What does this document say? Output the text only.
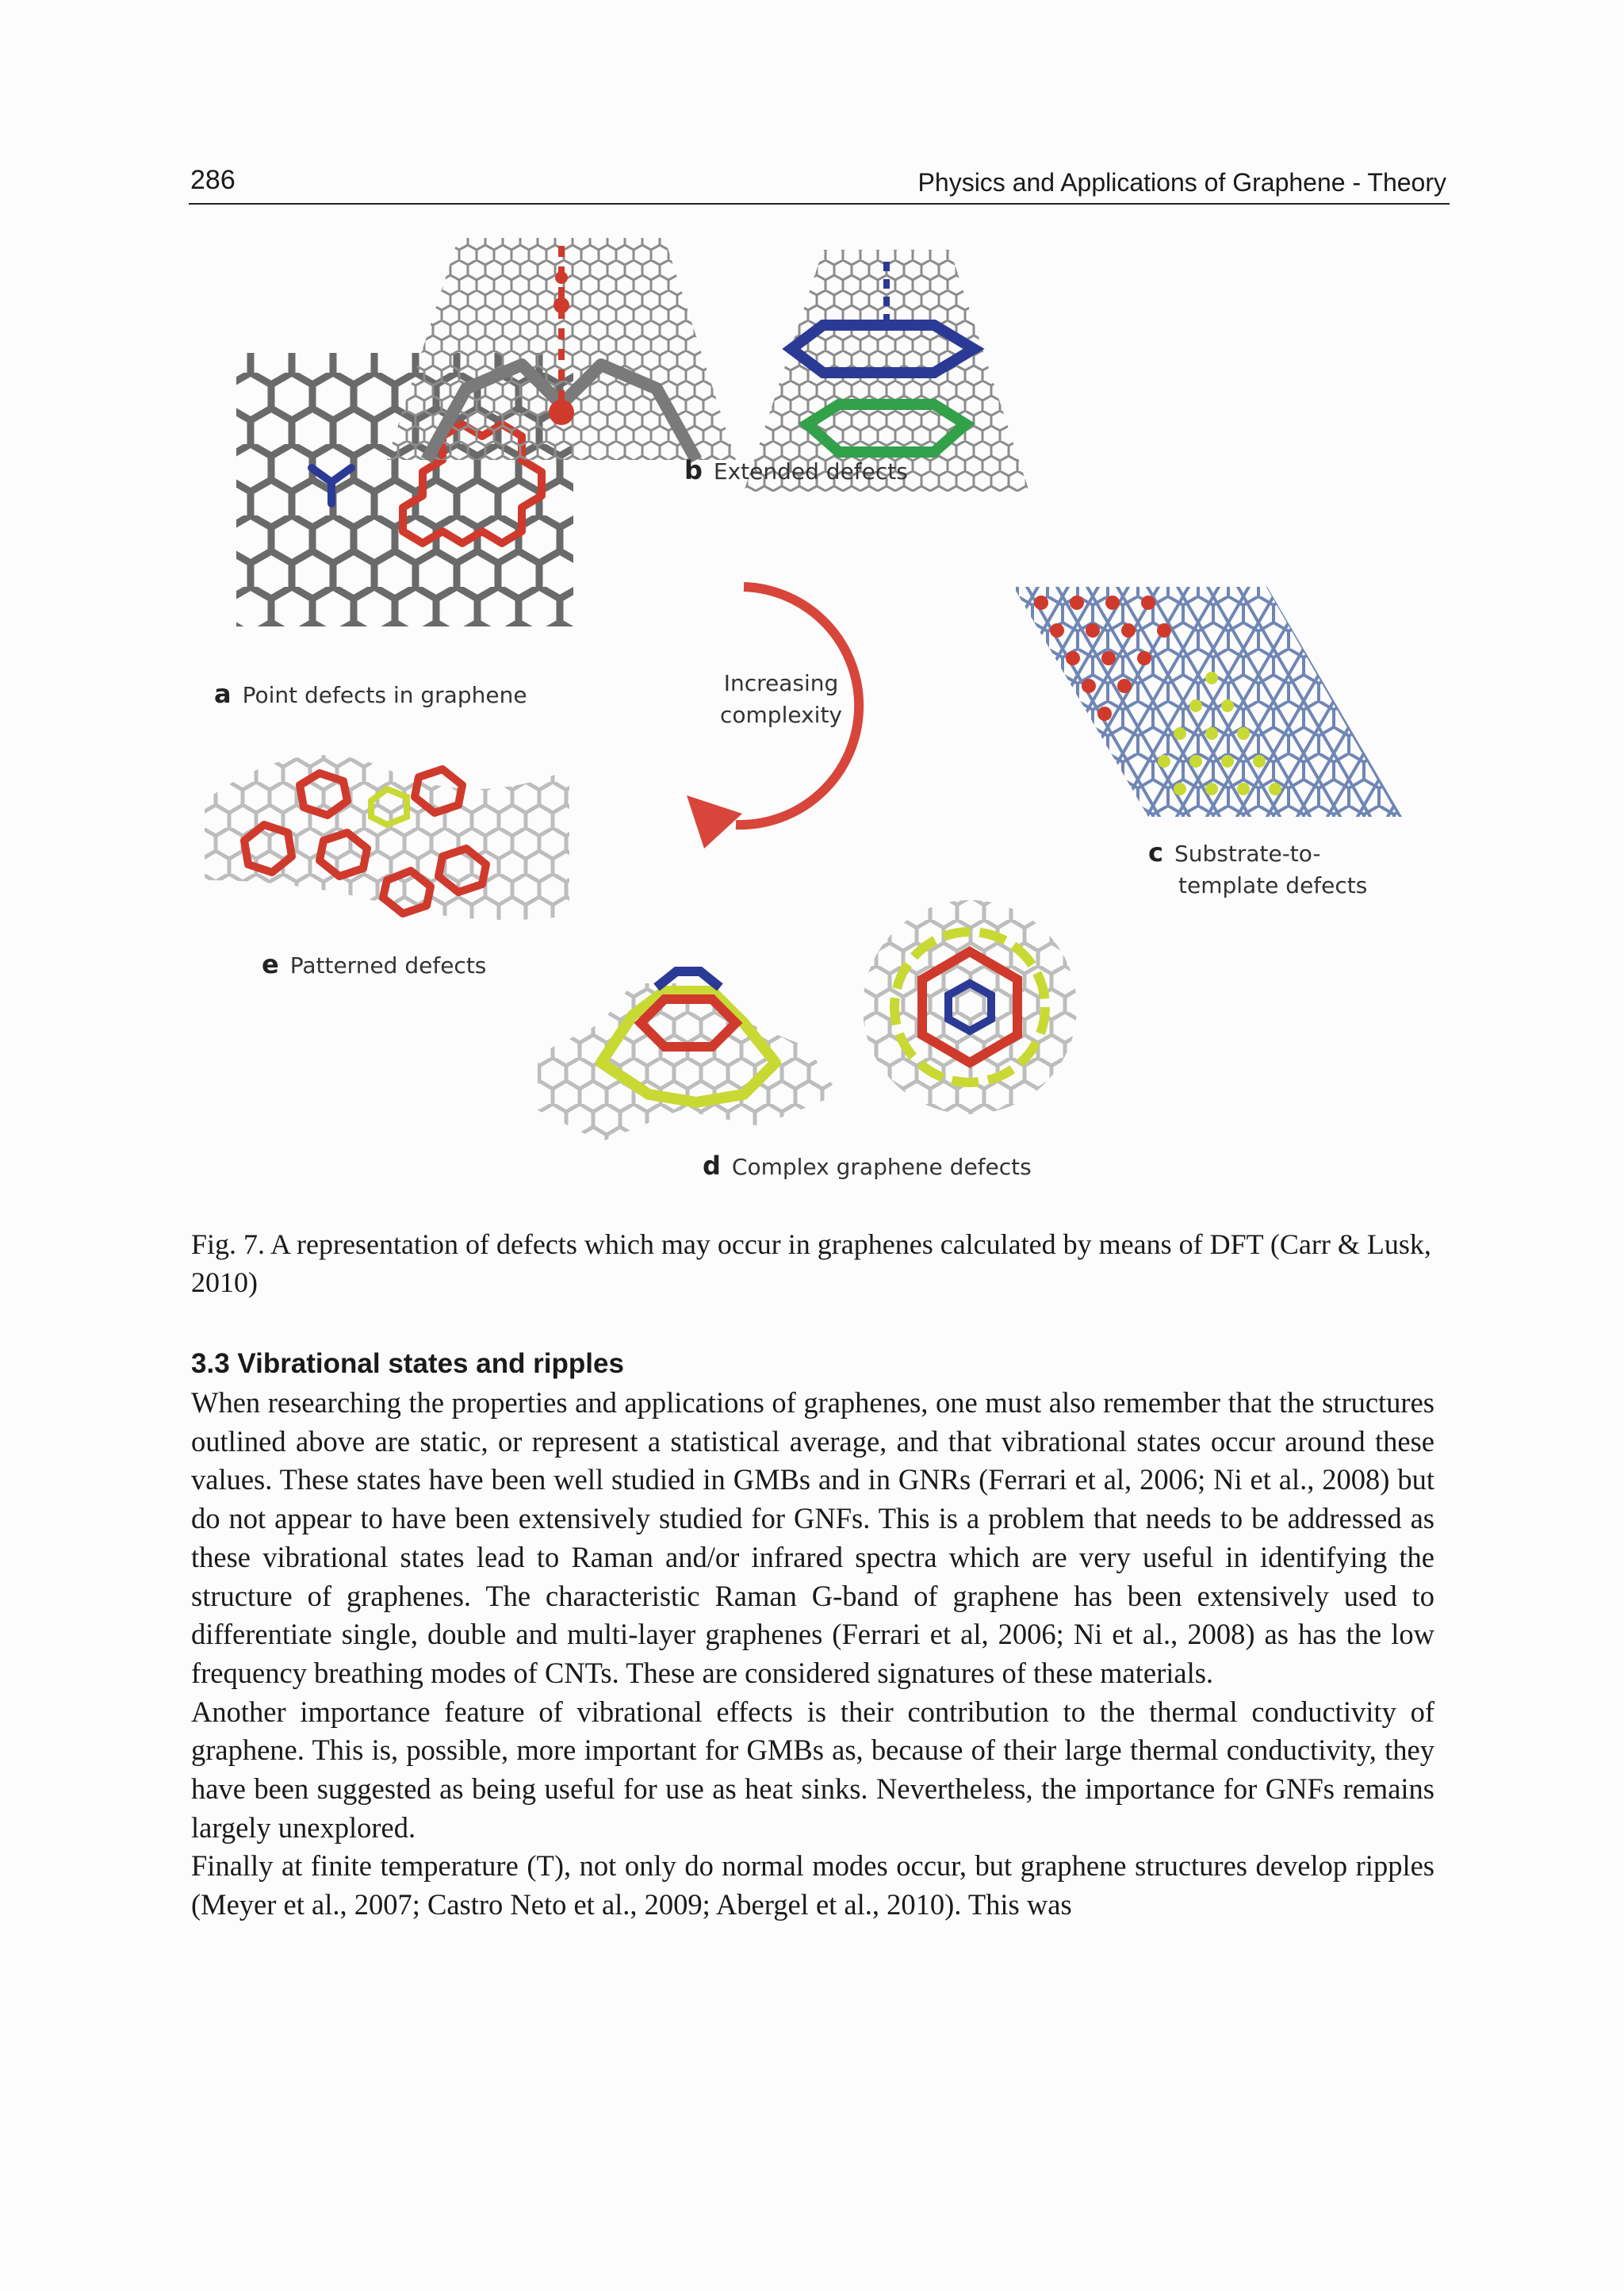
286	Physics and Applications of Graphene - Theory
a Point defects in graphene
b Extended defects
c Substrate-to-
template defects
d Complex graphene defects
e Patterned defects
Increasing
complexity
Fig. 7. A representation of defects which may occur in graphenes calculated by means of DFT (Carr & Lusk, 2010)
3.3 Vibrational states and ripples

When researching the properties and applications of graphenes, one must also remember that the structures outlined above are static, or represent a statistical average, and that vibrational states occur around these values. These states have been well studied in GMBs and in GNRs (Ferrari et al, 2006; Ni et al., 2008) but do not appear to have been extensively studied for GNFs. This is a problem that needs to be addressed as these vibrational states lead to Raman and/or infrared spectra which are very useful in identifying the structure of graphenes. The characteristic Raman G-band of graphene has been extensively used to differentiate single, double and multi-layer graphenes (Ferrari et al, 2006; Ni et al., 2008) as has the low frequency breathing modes of CNTs. These are considered signatures of these materials.

Another importance feature of vibrational effects is their contribution to the thermal conductivity of graphene. This is, possible, more important for GMBs as, because of their large thermal conductivity, they have been suggested as being useful for use as heat sinks. Nevertheless, the importance for GNFs remains largely unexplored.

Finally at finite temperature (T), not only do normal modes occur, but graphene structures develop ripples (Meyer et al., 2007; Castro Neto et al., 2009; Abergel et al., 2010). This was
